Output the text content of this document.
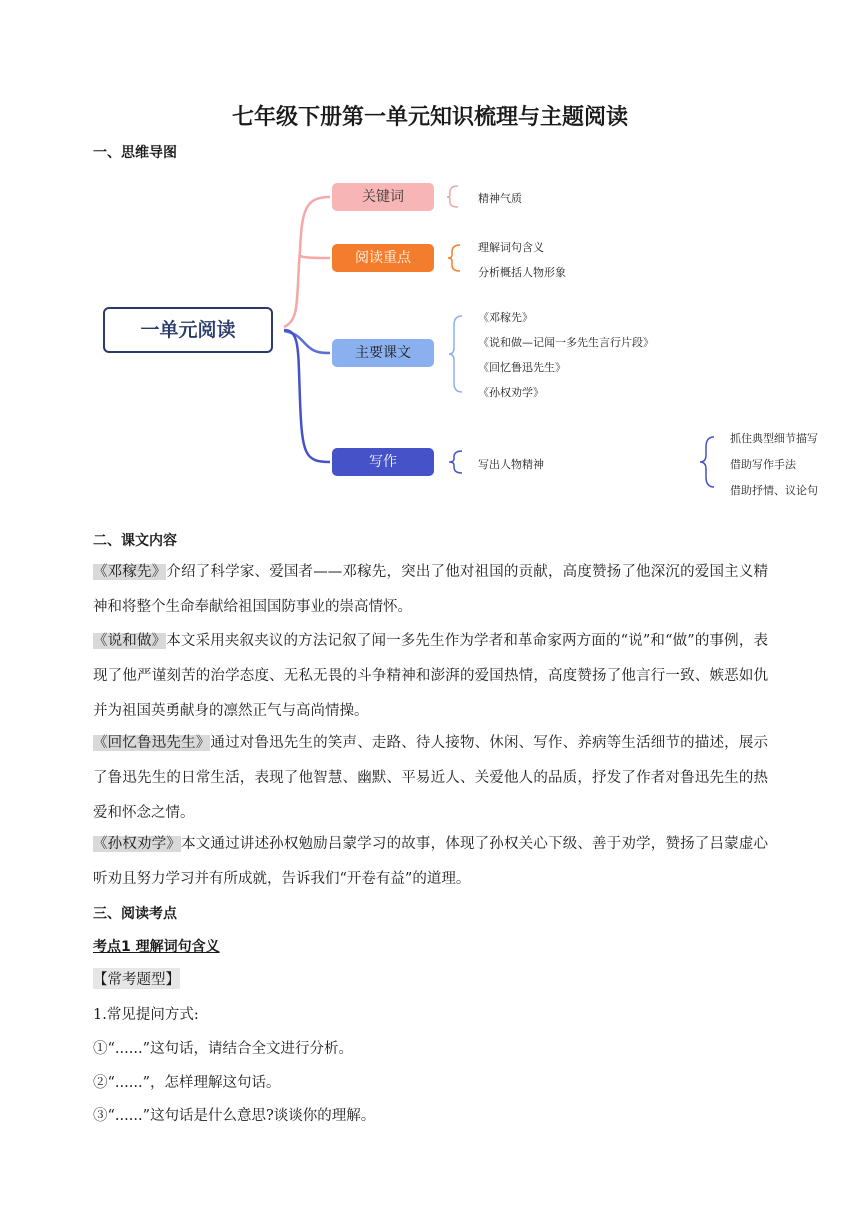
七年级下册第一单元知识梳理与主题阅读
一、思维导图
一单元阅读
关键词
阅读重点
主要课文
写作
精神气质
理解词句含义
分析概括人物形象
《邓稼先》
《说和做—记闻一多先生言行片段》
《回忆鲁迅先生》
《孙权劝学》
写出人物精神
抓住典型细节描写
借助写作手法
借助抒情、议论句
二、课文内容
《邓稼先》介绍了科学家、爱国者——邓稼先，突出了他对祖国的贡献，高度赞扬了他深沉的爱国主义精神和将整个生命奉献给祖国国防事业的崇高情怀。
《说和做》本文采用夹叙夹议的方法记叙了闻一多先生作为学者和革命家两方面的“说”和“做”的事例，表现了他严谨刻苦的治学态度、无私无畏的斗争精神和澎湃的爱国热情，高度赞扬了他言行一致、嫉恶如仇并为祖国英勇献身的凛然正气与高尚情操。
《回忆鲁迅先生》通过对鲁迅先生的笑声、走路、待人接物、休闲、写作、养病等生活细节的描述，展示了鲁迅先生的日常生活，表现了他智慧、幽默、平易近人、关爱他人的品质，抒发了作者对鲁迅先生的热爱和怀念之情。
《孙权劝学》本文通过讲述孙权勉励吕蒙学习的故事，体现了孙权关心下级、善于劝学，赞扬了吕蒙虚心听劝且努力学习并有所成就，告诉我们“开卷有益”的道理。
三、阅读考点
考点1 理解词句含义
【常考题型】
1.常见提问方式:
①“......”这句话，请结合全文进行分析。
②“......”，怎样理解这句话。
③“......”这句话是什么意思?谈谈你的理解。
